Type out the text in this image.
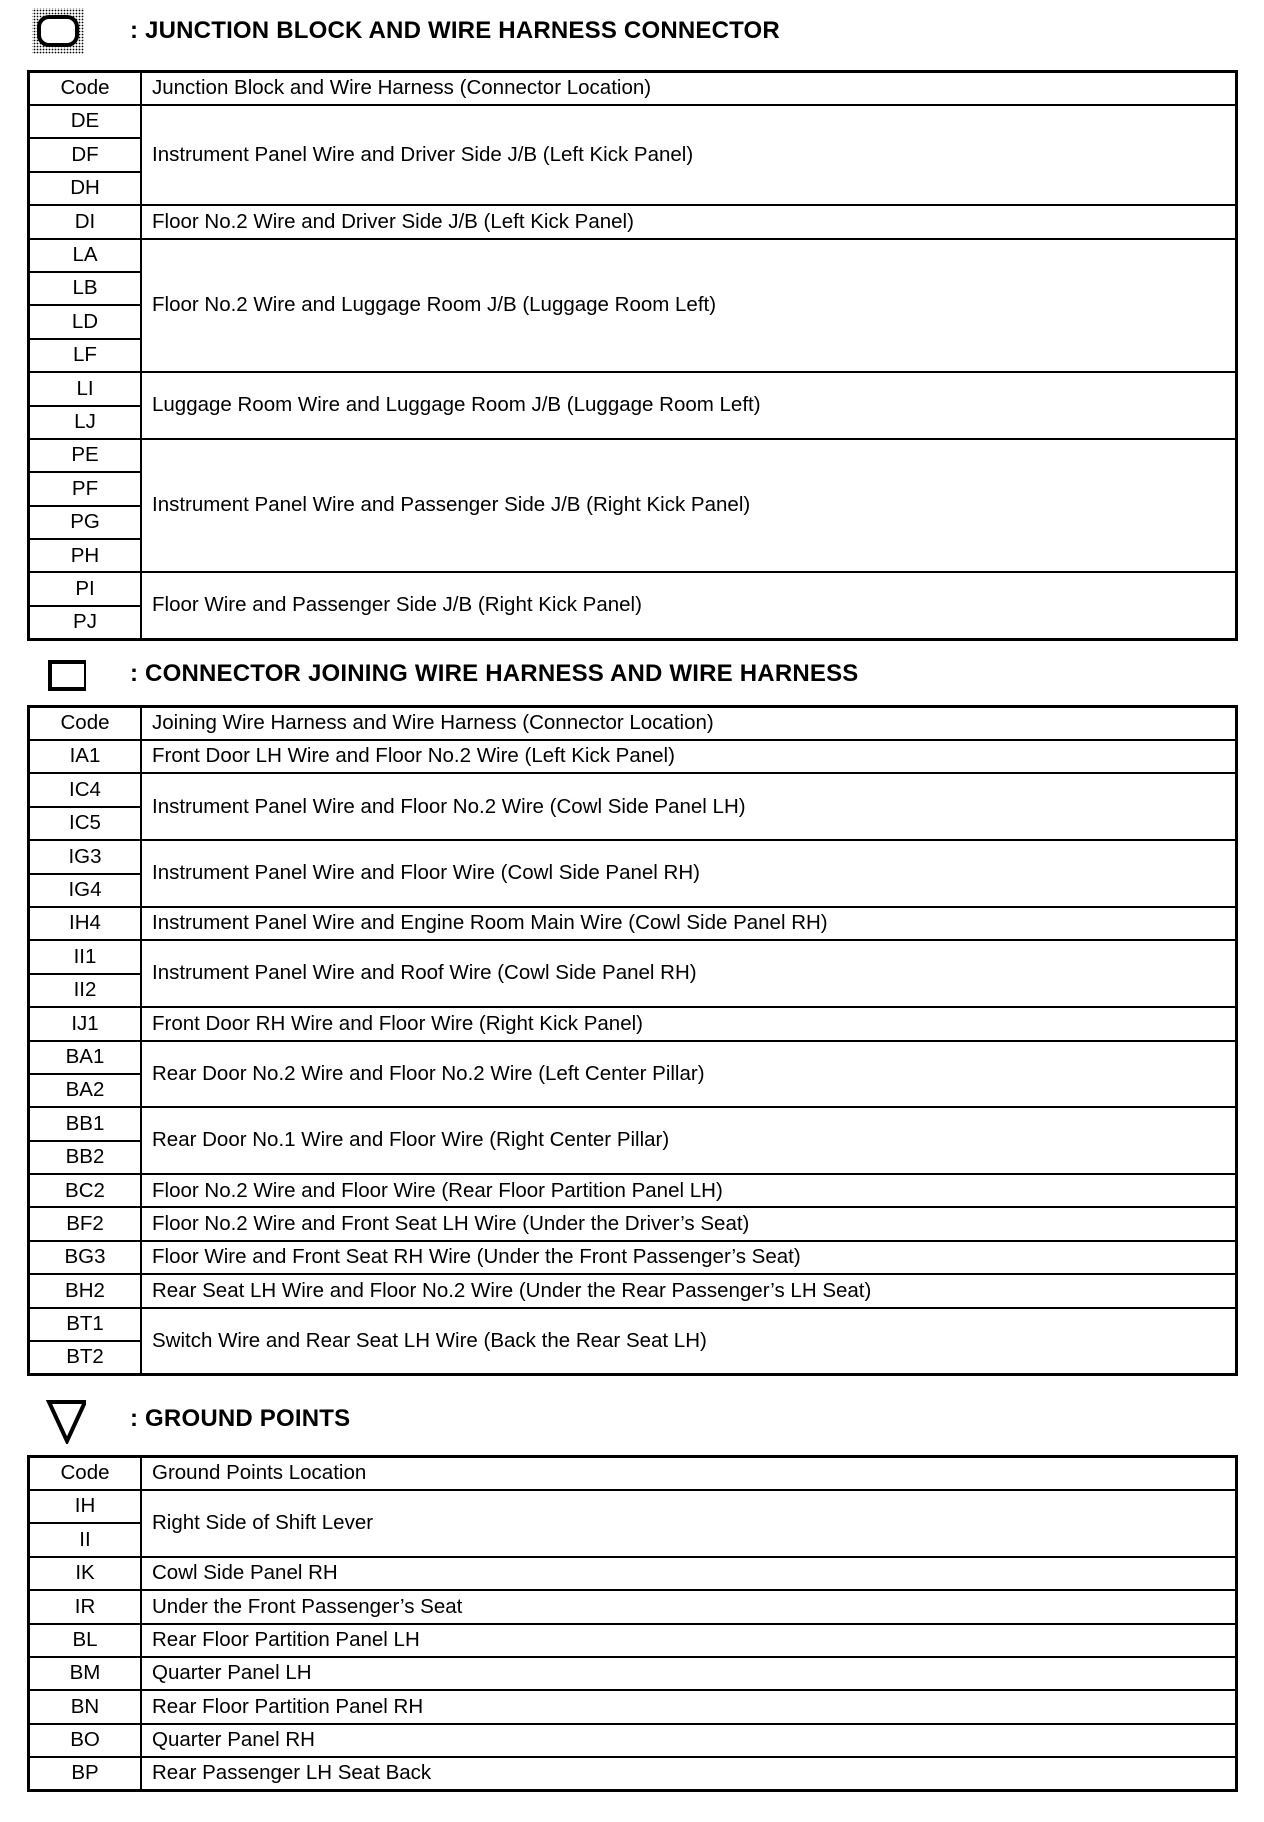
: JUNCTION BLOCK AND WIRE HARNESS CONNECTOR
Code	Junction Block and Wire Harness (Connector Location)
DE	Instrument Panel Wire and Driver Side J/B (Left Kick Panel)
DF	
DH	
DI	Floor No.2 Wire and Driver Side J/B (Left Kick Panel)
LA	Floor No.2 Wire and Luggage Room J/B (Luggage Room Left)
LB	
LD	
LF	
LI	Luggage Room Wire and Luggage Room J/B (Luggage Room Left)
LJ	
PE	Instrument Panel Wire and Passenger Side J/B (Right Kick Panel)
PF	
PG	
PH	
PI	Floor Wire and Passenger Side J/B (Right Kick Panel)
PJ	
: CONNECTOR JOINING WIRE HARNESS AND WIRE HARNESS
Code	Joining Wire Harness and Wire Harness (Connector Location)
IA1	Front Door LH Wire and Floor No.2 Wire (Left Kick Panel)
IC4	Instrument Panel Wire and Floor No.2 Wire (Cowl Side Panel LH)
IC5	
IG3	Instrument Panel Wire and Floor Wire (Cowl Side Panel RH)
IG4	
IH4	Instrument Panel Wire and Engine Room Main Wire (Cowl Side Panel RH)
II1	Instrument Panel Wire and Roof Wire (Cowl Side Panel RH)
II2	
IJ1	Front Door RH Wire and Floor Wire (Right Kick Panel)
BA1	Rear Door No.2 Wire and Floor No.2 Wire (Left Center Pillar)
BA2	
BB1	Rear Door No.1 Wire and Floor Wire (Right Center Pillar)
BB2	
BC2	Floor No.2 Wire and Floor Wire (Rear Floor Partition Panel LH)
BF2	Floor No.2 Wire and Front Seat LH Wire (Under the Driver’s Seat)
BG3	Floor Wire and Front Seat RH Wire (Under the Front Passenger’s Seat)
BH2	Rear Seat LH Wire and Floor No.2 Wire (Under the Rear Passenger’s LH Seat)
BT1	Switch Wire and Rear Seat LH Wire (Back the Rear Seat LH)
BT2	
: GROUND POINTS
Code	Ground Points Location
IH	Right Side of Shift Lever
II	
IK	Cowl Side Panel RH
IR	Under the Front Passenger’s Seat
BL	Rear Floor Partition Panel LH
BM	Quarter Panel LH
BN	Rear Floor Partition Panel RH
BO	Quarter Panel RH
BP	Rear Passenger LH Seat Back
